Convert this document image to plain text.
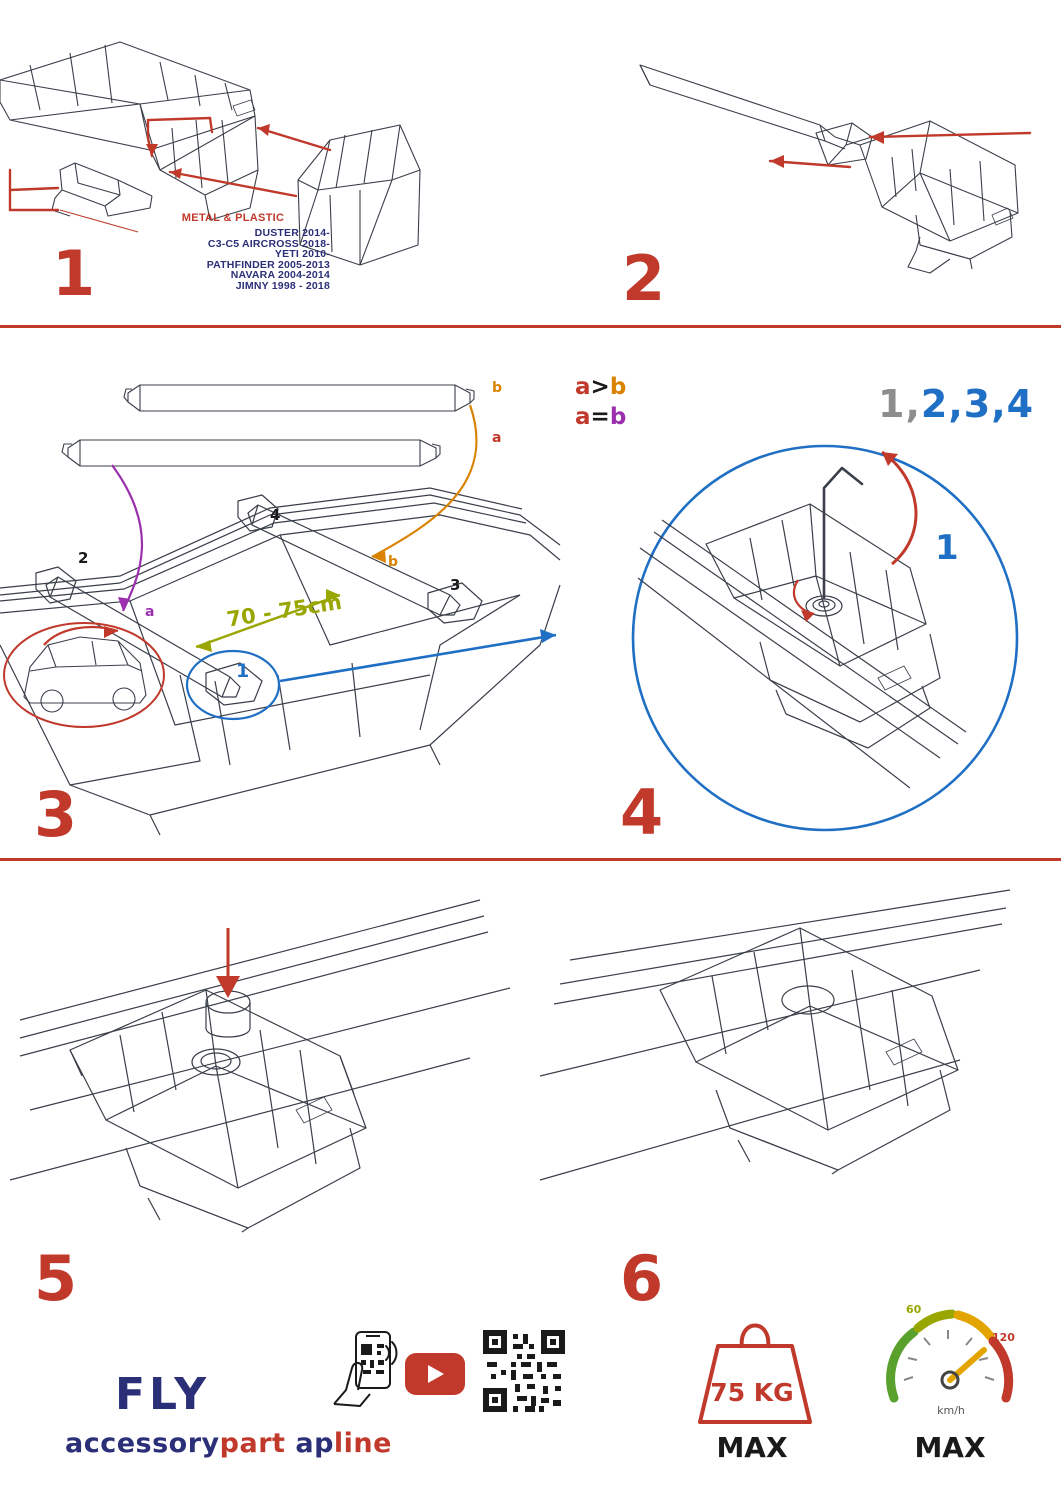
METAL & PLASTIC
DUSTER 2014-
C3-C5 AIRCROSS 2018-
YETI 2010-
PATHFINDER 2005-2013
NAVARA 2004-2014
JIMNY 1998 - 2018
1	2
a>b
a=b
b
a
a
b
2
4
3
1
70 - 75cm
3
1,2,3,4
1
4
5	6
FLY
accessorypart apline
75 KG
MAX
60
120
km/h
MAX
